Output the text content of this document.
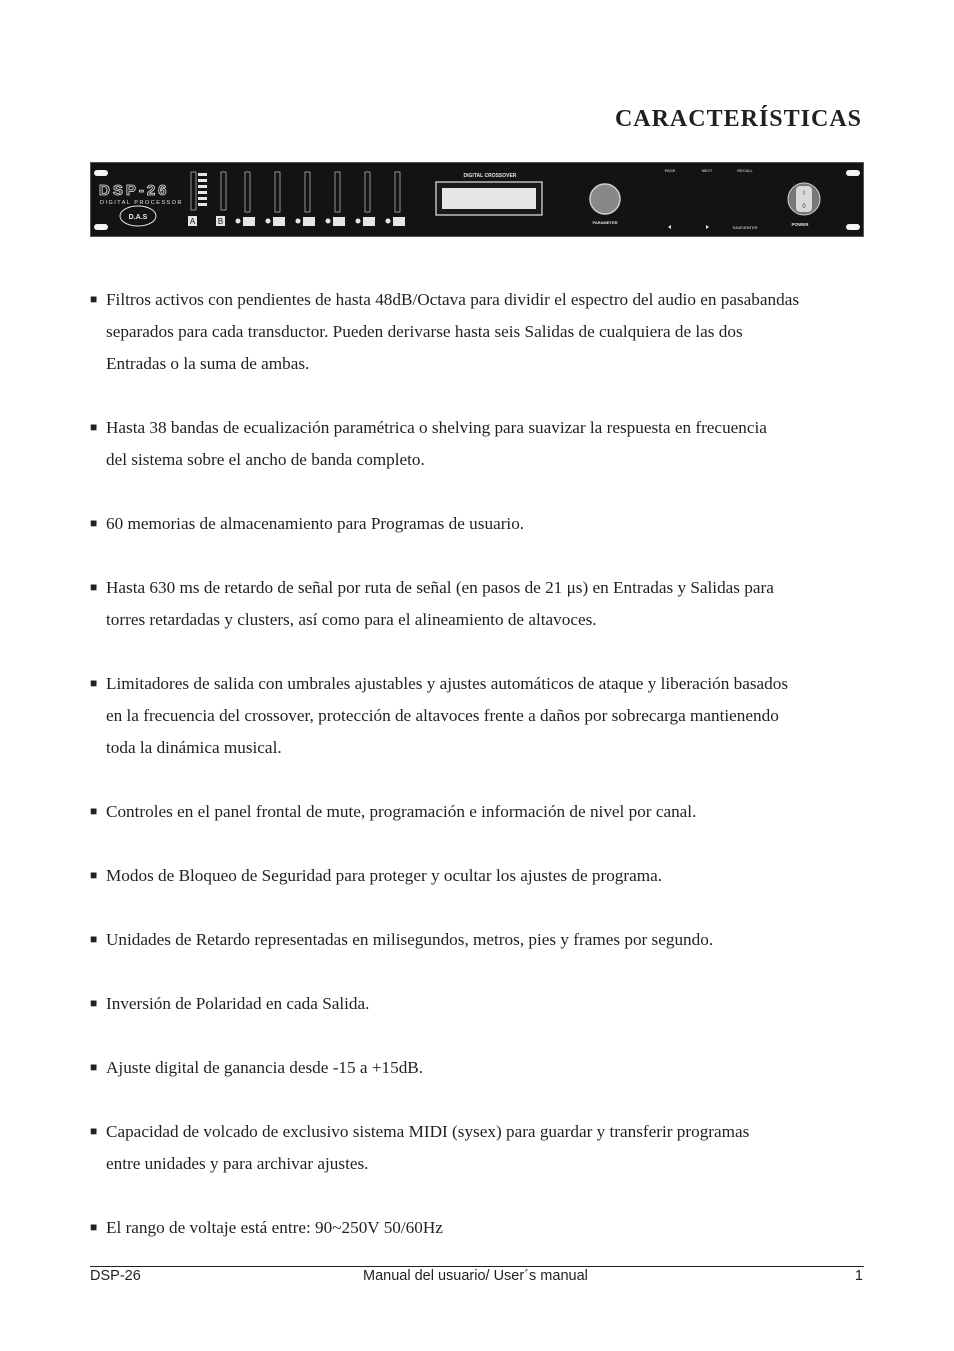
CARACTERÍSTICAS
DSP-26
DIGITAL PROCESSOR
D.A.S	A	B
DIGITAL CROSSOVER
PARAMETER
PAGE	NEXT	RECALL
SAVE/ENTER
I
0
POWER
■ Filtros activos con pendientes de hasta 48dB/Octava para dividir el espectro del audio en pasabandas
separados para cada transductor. Pueden derivarse hasta seis Salidas de cualquiera de las dos
Entradas o la suma de ambas.
■ Hasta 38 bandas de ecualización paramétrica o shelving para suavizar la respuesta en frecuencia
del sistema sobre el ancho de banda completo.
■ 60 memorias de almacenamiento para Programas de usuario.
■ Hasta 630 ms de retardo de señal por ruta de señal (en pasos de 21 μs) en Entradas y Salidas para
torres retardadas y clusters, así como para el alineamiento de altavoces.
■ Limitadores de salida con umbrales ajustables y ajustes automáticos de ataque y liberación basados
en la frecuencia del crossover, protección de altavoces frente a daños por sobrecarga mantienendo
toda la dinámica musical.
■ Controles en el panel frontal de mute, programación e información de nivel por canal.
■ Modos de Bloqueo de Seguridad para proteger y ocultar los ajustes de programa.
■ Unidades de Retardo representadas en milisegundos, metros, pies y frames por segundo.
■ Inversión de Polaridad en cada Salida.
■ Ajuste digital de ganancia desde -15 a +15dB.
■ Capacidad de volcado de exclusivo sistema MIDI (sysex) para guardar y transferir programas
entre unidades y para archivar ajustes.
■ El rango de voltaje está entre: 90~250V 50/60Hz
DSP-26	Manual del usuario/ User´s manual	1
